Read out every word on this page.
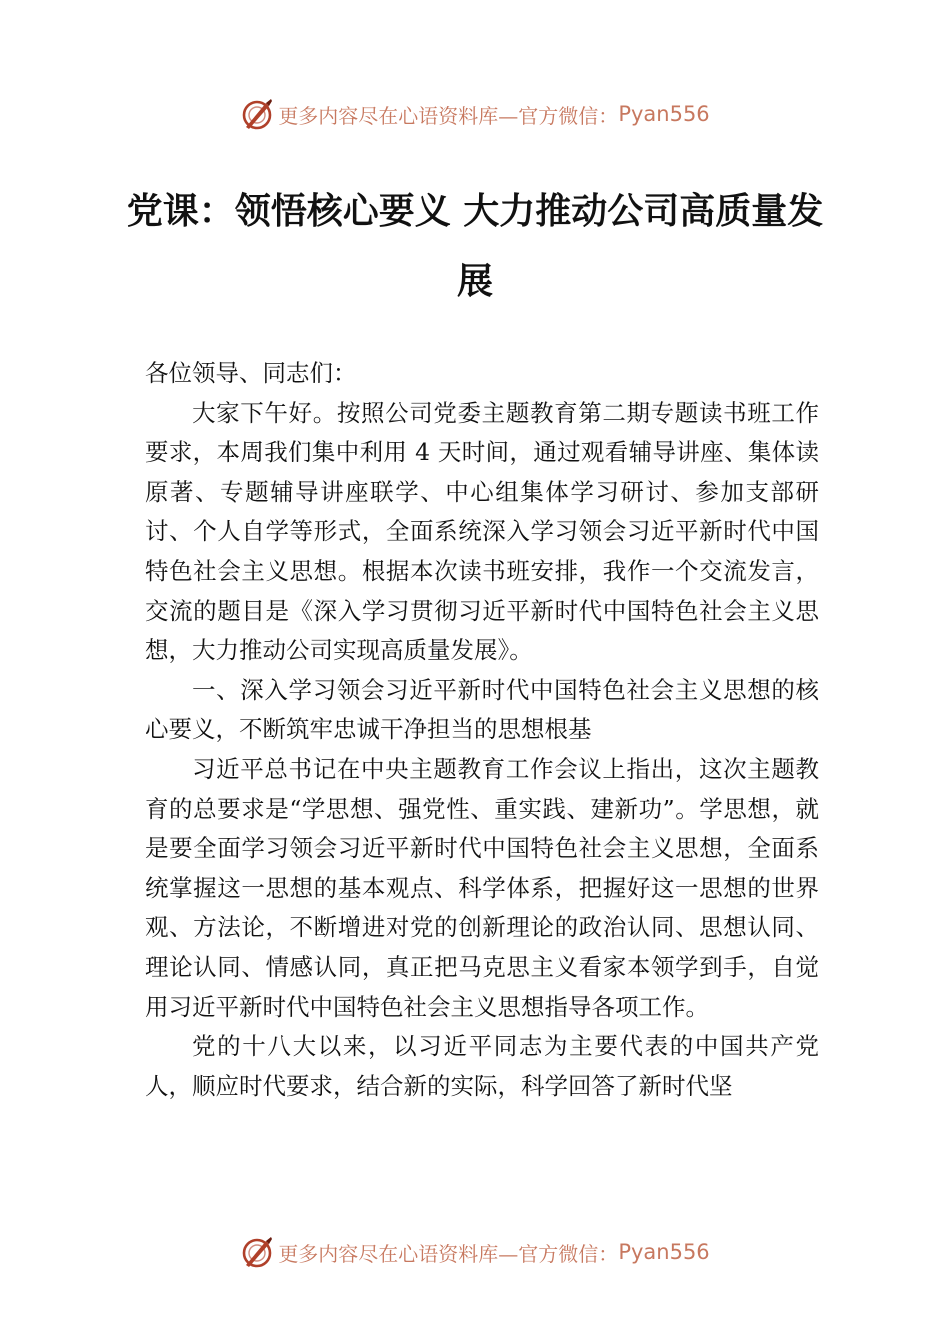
更多内容尽在心语资料库—官方微信： Pyan556
党课：领悟核心要义 大力推动公司高质量发展

各位领导、同志们：

大家下午好。按照公司党委主题教育第二期专题读书班工作要求，本周我们集中利用 4 天时间，通过观看辅导讲座、集体读原著、专题辅导讲座联学、中心组集体学习研讨、参加支部研讨、个人自学等形式，全面系统深入学习领会习近平新时代中国特色社会主义思想。根据本次读书班安排，我作一个交流发言，交流的题目是《深入学习贯彻习近平新时代中国特色社会主义思想，大力推动公司实现高质量发展》。

一、深入学习领会习近平新时代中国特色社会主义思想的核心要义，不断筑牢忠诚干净担当的思想根基

习近平总书记在中央主题教育工作会议上指出，这次主题教育的总要求是“学思想、强党性、重实践、建新功”。学思想，就是要全面学习领会习近平新时代中国特色社会主义思想，全面系统掌握这一思想的基本观点、科学体系，把握好这一思想的世界观、方法论，不断增进对党的创新理论的政治认同、思想认同、理论认同、情感认同，真正把马克思主义看家本领学到手，自觉用习近平新时代中国特色社会主义思想指导各项工作。

党的十八大以来，以习近平同志为主要代表的中国共产党人，顺应时代要求，结合新的实际，科学回答了新时代坚

更多内容尽在心语资料库—官方微信： Pyan556
